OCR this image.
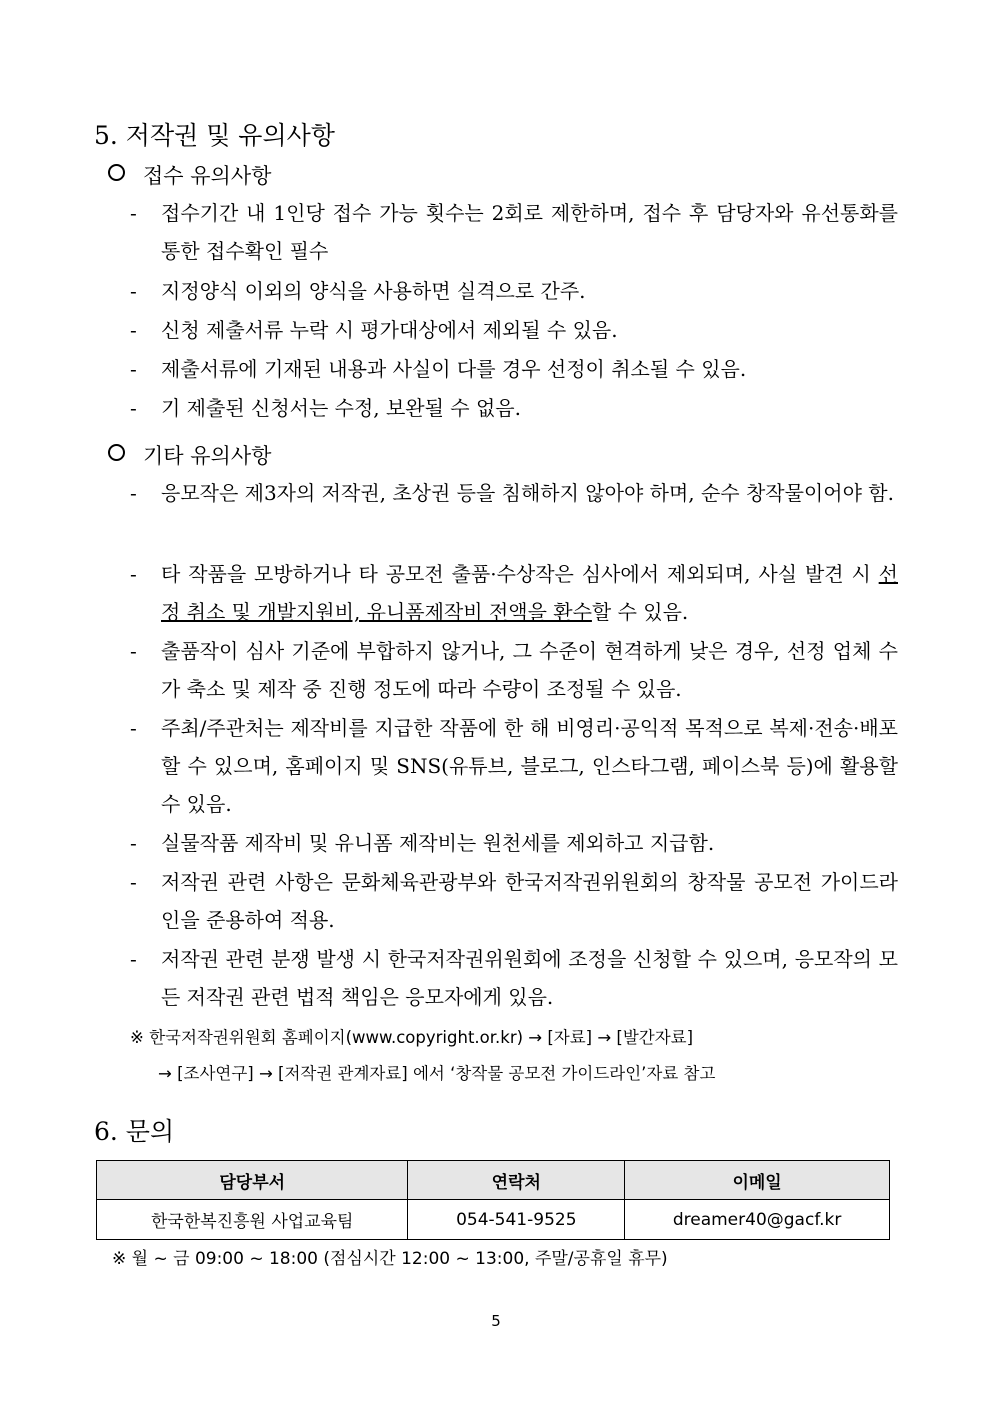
5. 저작권 및 유의사항
접수 유의사항
- 접수기간 내 1인당 접수 가능 횟수는 2회로 제한하며, 접수 후 담당자와 유선통화를 통한 접수확인 필수
- 지정양식 이외의 양식을 사용하면 실격으로 간주.
- 신청 제출서류 누락 시 평가대상에서 제외될 수 있음.
- 제출서류에 기재된 내용과 사실이 다를 경우 선정이 취소될 수 있음.
- 기 제출된 신청서는 수정, 보완될 수 없음.
기타 유의사항
- 응모작은 제3자의 저작권, 초상권 등을 침해하지 않아야 하며, 순수 창작물이어야 함.
- 타 작품을 모방하거나 타 공모전 출품·수상작은 심사에서 제외되며, 사실 발견 시 선정 취소 및 개발지원비, 유니폼제작비 전액을 환수할 수 있음.
- 출품작이 심사 기준에 부합하지 않거나, 그 수준이 현격하게 낮은 경우, 선정 업체 수가 축소 및 제작 중 진행 정도에 따라 수량이 조정될 수 있음.
- 주최/주관처는 제작비를 지급한 작품에 한 해 비영리·공익적 목적으로 복제·전송·배포할 수 있으며, 홈페이지 및 SNS(유튜브, 블로그, 인스타그램, 페이스북 등)에 활용할 수 있음.
- 실물작품 제작비 및 유니폼 제작비는 원천세를 제외하고 지급함.
- 저작권 관련 사항은 문화체육관광부와 한국저작권위원회의 창작물 공모전 가이드라인을 준용하여 적용.
- 저작권 관련 분쟁 발생 시 한국저작권위원회에 조정을 신청할 수 있으며, 응모작의 모든 저작권 관련 법적 책임은 응모자에게 있음.
※ 한국저작권위원회 홈페이지(www.copyright.or.kr) → [자료] → [발간자료]
→ [조사연구] → [저작권 관계자료] 에서 ‘창작물 공모전 가이드라인’자료 참고
6. 문의
담당부서	연락처	이메일
한국한복진흥원 사업교육팀	054-541-9525	dreamer40@gacf.kr
※ 월 ~ 금 09:00 ~ 18:00 (점심시간 12:00 ~ 13:00, 주말/공휴일 휴무)
5
